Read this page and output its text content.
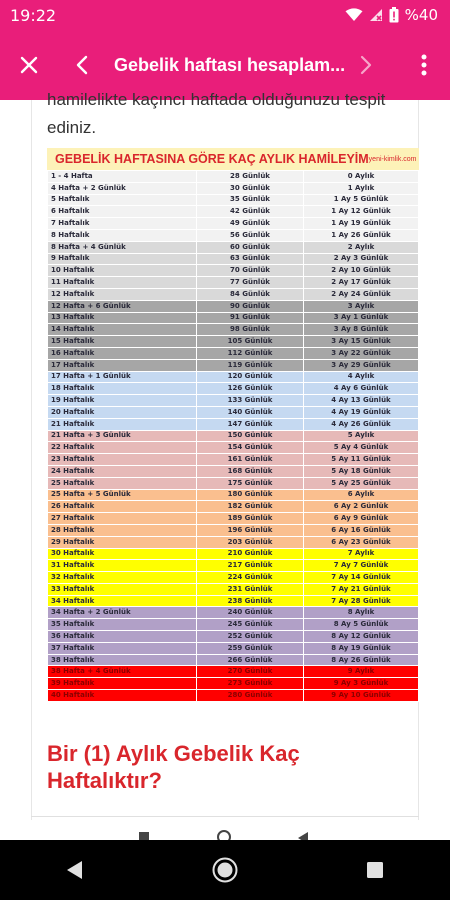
19:22	%40
Gebelik haftası hesaplam...
hamilelikte kaçıncı haftada olduğunuzu tespit ediniz.
GEBELİK HAFTASINA GÖRE KAÇ AYLIK HAMİLEYİM yeni-kimlik.com
1 - 4 Hafta	28 Günlük	0 Aylık
4 Hafta + 2 Günlük	30 Günlük	1 Aylık
5 Haftalık	35 Günlük	1 Ay 5 Günlük
6 Haftalık	42 Günlük	1 Ay 12 Günlük
7 Haftalık	49 Günlük	1 Ay 19 Günlük
8 Haftalık	56 Günlük	1 Ay 26 Günlük
8 Hafta + 4 Günlük	60 Günlük	2 Aylık
9 Haftalık	63 Günlük	2 Ay 3 Günlük
10 Haftalık	70 Günlük	2 Ay 10 Günlük
11 Haftalık	77 Günlük	2 Ay 17 Günlük
12 Haftalık	84 Günlük	2 Ay 24 Günlük
12 Hafta + 6 Günlük	90 Günlük	3 Aylık
13 Haftalık	91 Günlük	3 Ay 1 Günlük
14 Haftalık	98 Günlük	3 Ay 8 Günlük
15 Haftalık	105 Günlük	3 Ay 15 Günlük
16 Haftalık	112 Günlük	3 Ay 22 Günlük
17 Haftalık	119 Günlük	3 Ay 29 Günlük
17 Hafta + 1 Günlük	120 Günlük	4 Aylık
18 Haftalık	126 Günlük	4 Ay 6 Günlük
19 Haftalık	133 Günlük	4 Ay 13 Günlük
20 Haftalık	140 Günlük	4 Ay 19 Günlük
21 Haftalık	147 Günlük	4 Ay 26 Günlük
21 Hafta + 3 Günlük	150 Günlük	5 Aylık
22 Haftalık	154 Günlük	5 Ay 4 Günlük
23 Haftalık	161 Günlük	5 Ay 11 Günlük
24 Haftalık	168 Günlük	5 Ay 18 Günlük
25 Haftalık	175 Günlük	5 Ay 25 Günlük
25 Hafta + 5 Günlük	180 Günlük	6 Aylık
26 Haftalık	182 Günlük	6 Ay 2 Günlük
27 Haftalık	189 Günlük	6 Ay 9 Günlük
28 Haftalık	196 Günlük	6 Ay 16 Günlük
29 Haftalık	203 Günlük	6 Ay 23 Günlük
30 Haftalık	210 Günlük	7 Aylık
31 Haftalık	217 Günlük	7 Ay 7 Günlük
32 Haftalık	224 Günlük	7 Ay 14 Günlük
33 Haftalık	231 Günlük	7 Ay 21 Günlük
34 Haftalık	238 Günlük	7 Ay 28 Günlük
34 Hafta + 2 Günlük	240 Günlük	8 Aylık
35 Haftalık	245 Günlük	8 Ay 5 Günlük
36 Haftalık	252 Günlük	8 Ay 12 Günlük
37 Haftalık	259 Günlük	8 Ay 19 Günlük
38 Haftalık	266 Günlük	8 Ay 26 Günlük
38 Hafta + 4 Günlük	270 Günlük	9 Aylık
39 Haftalık	273 Günlük	9 Ay 3 Günlük
40 Haftalık	280 Günlük	9 Ay 10 Günlük
Bir (1) Aylık Gebelik Kaç Haftalıktır?
